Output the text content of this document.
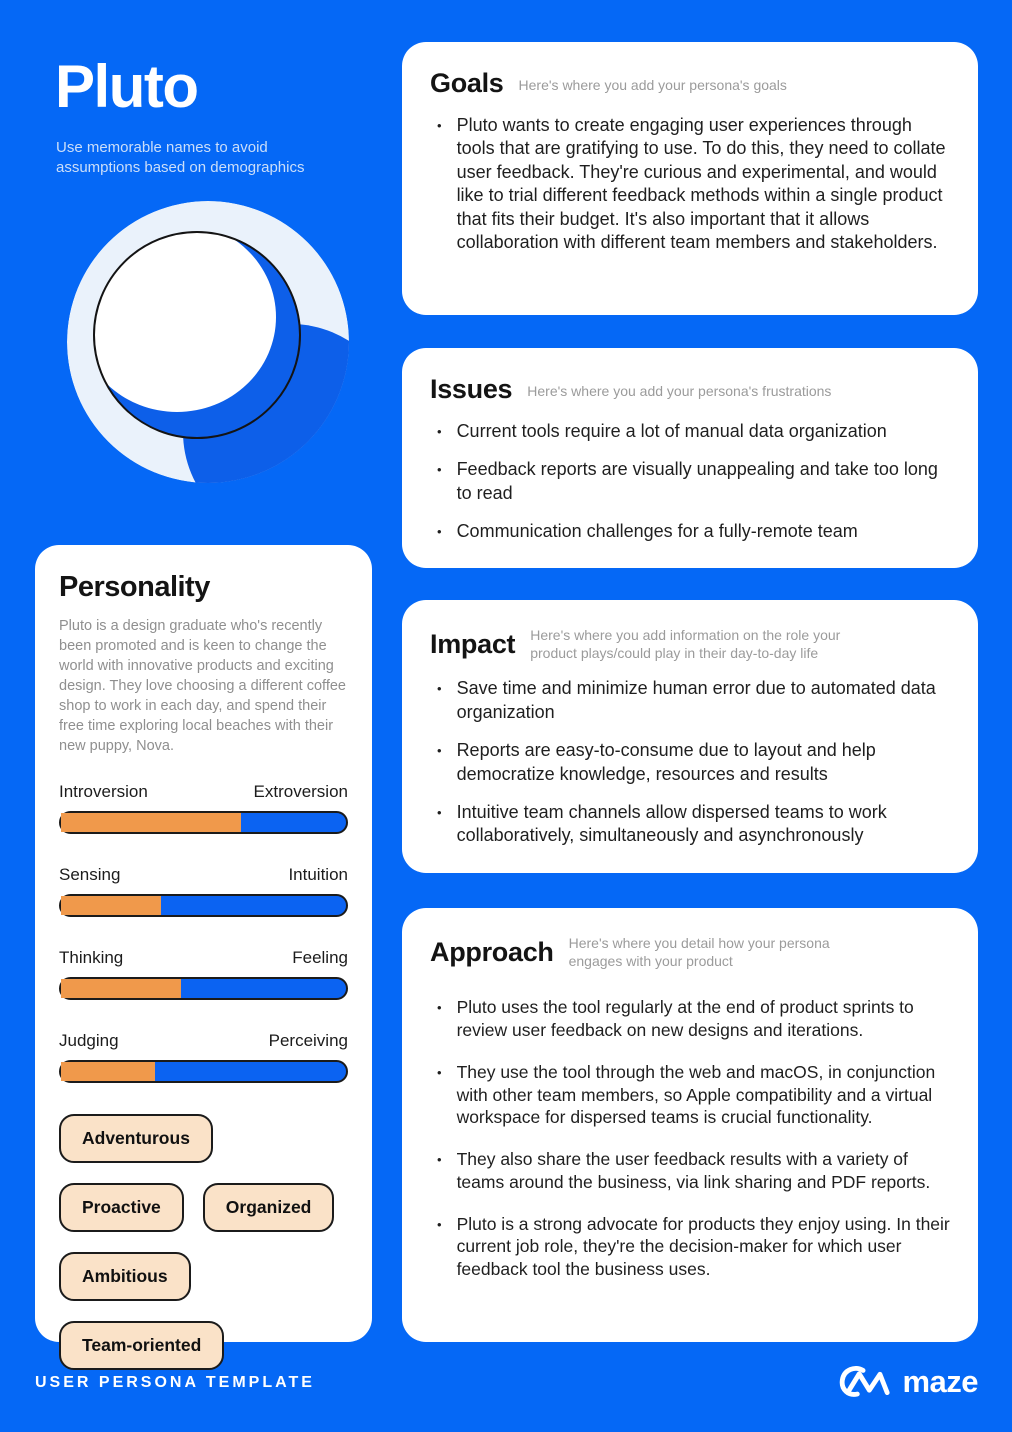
Pluto

Use memorable names to avoid assumptions based on demographics

Personality

Pluto is a design graduate who's recently been promoted and is keen to change the world with innovative products and exciting design. They love choosing a different coffee shop to work in each day, and spend their free time exploring local beaches with their new puppy, Nova.

Introversion	Extroversion
Sensing	Intuition
Thinking	Feeling
Judging	Perceiving
Adventurous
Proactive	Organized
Ambitious
Team-oriented
Goals Here's where you add your persona's goals

• Pluto wants to create engaging user experiences through tools that are gratifying to use. To do this, they need to collate user feedback. They're curious and experimental, and would like to trial different feedback methods within a single product that fits their budget. It's also important that it allows collaboration with different team members and stakeholders.
Issues Here's where you add your persona's frustrations

• Current tools require a lot of manual data organization
• Feedback reports are visually unappealing and take too long to read
• Communication challenges for a fully-remote team
Impact Here's where you add information on the role your product plays/could play in their day-to-day life

• Save time and minimize human error due to automated data organization
• Reports are easy-to-consume due to layout and help democratize knowledge, resources and results
• Intuitive team channels allow dispersed teams to work collaboratively, simultaneously and asynchronously
Approach Here's where you detail how your persona engages with your product

• Pluto uses the tool regularly at the end of product sprints to review user feedback on new designs and iterations.
• They use the tool through the web and macOS, in conjunction with other team members, so Apple compatibility and a virtual workspace for dispersed teams is crucial functionality.
• They also share the user feedback results with a variety of teams around the business, via link sharing and PDF reports.
• Pluto is a strong advocate for products they enjoy using. In their current job role, they're the decision-maker for which user feedback tool the business uses.
USER PERSONA TEMPLATE	maze
